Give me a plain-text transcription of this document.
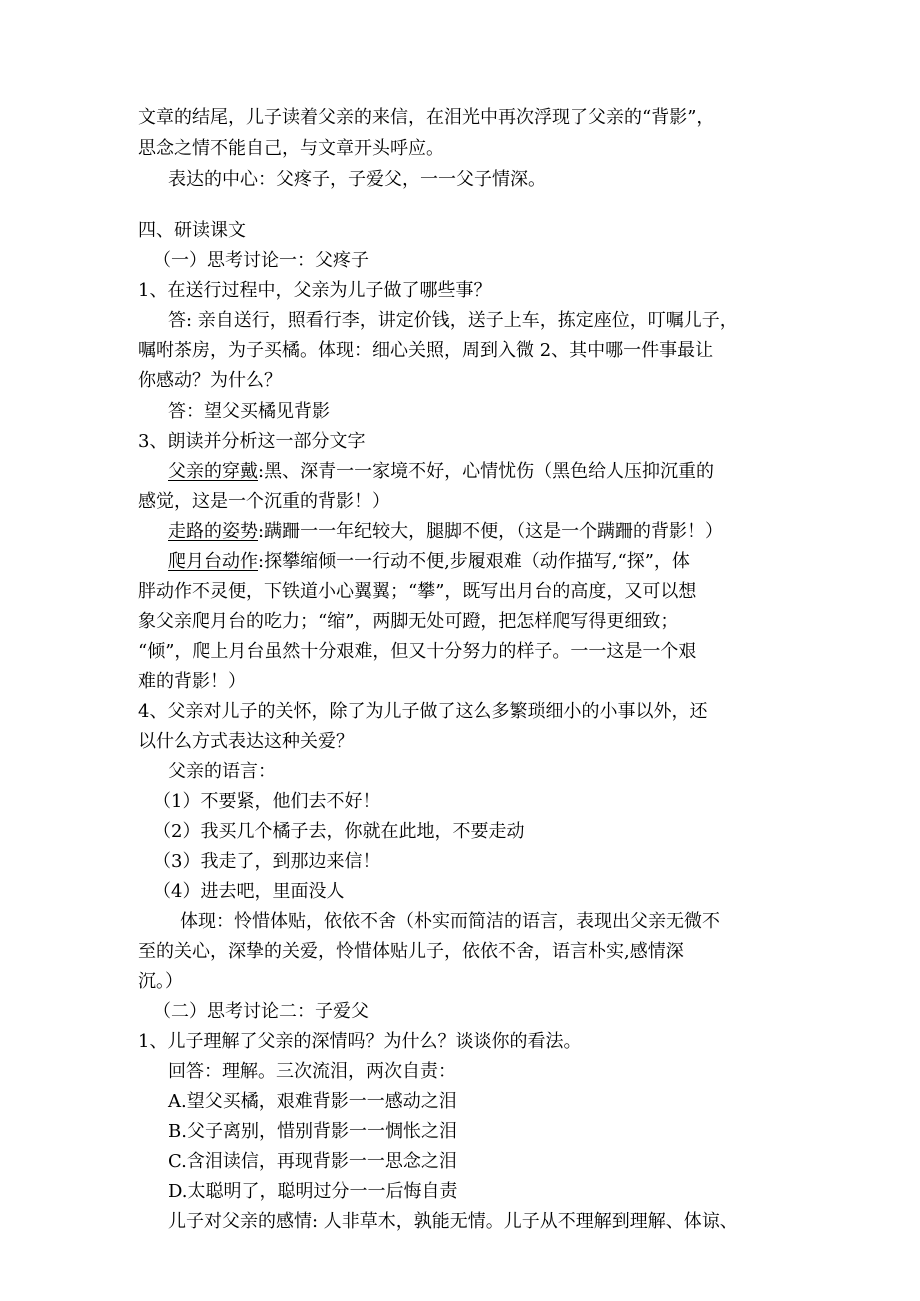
文章的结尾，儿子读着父亲的来信，在泪光中再次浮现了父亲的“背影”，
思念之情不能自己，与文章开头呼应。
表达的中心：父疼子，子爱父，一一父子情深。
四、研读课文
（一）思考讨论一：父疼子
1、在送行过程中，父亲为儿子做了哪些事？
答: 亲自送行，照看行李，讲定价钱，送子上车，拣定座位，叮嘱儿子，
嘱咐茶房，为子买橘。体现：细心关照，周到入微 2、其中哪一件事最让
你感动？为什么？
答：望父买橘见背影
3、朗读并分析这一部分文字
父亲的穿戴:黑、深青一一家境不好，心情忧伤（黑色给人压抑沉重的
感觉，这是一个沉重的背影！）
走路的姿势:蹒跚一一年纪较大，腿脚不便，（这是一个蹒跚的背影！）
爬月台动作:探攀缩倾一一行动不便,步履艰难（动作描写,“探”，体
胖动作不灵便，下铁道小心翼翼；“攀”，既写出月台的高度，又可以想
象父亲爬月台的吃力；“缩”，两脚无处可蹬，把怎样爬写得更细致；
“倾”，爬上月台虽然十分艰难，但又十分努力的样子。一一这是一个艰
难的背影！）
4、父亲对儿子的关怀，除了为儿子做了这么多繁琐细小的小事以外，还
以什么方式表达这种关爱？
父亲的语言：
（1）不要紧，他们去不好！
（2）我买几个橘子去，你就在此地，不要走动
（3）我走了，到那边来信！
（4）进去吧，里面没人
体现：怜惜体贴，依依不舍（朴实而简洁的语言，表现出父亲无微不
至的关心，深挚的关爱，怜惜体贴儿子，依依不舍，语言朴实,感情深
沉。）
（二）思考讨论二：子爱父
1、儿子理解了父亲的深情吗？为什么？谈谈你的看法。
回答：理解。三次流泪，两次自责：
A.望父买橘，艰难背影一一感动之泪
B.父子离别，惜别背影一一惆怅之泪
C.含泪读信，再现背影一一思念之泪
D.太聪明了，聪明过分一一后悔自责
儿子对父亲的感情: 人非草木，孰能无情。儿子从不理解到理解、体谅、
